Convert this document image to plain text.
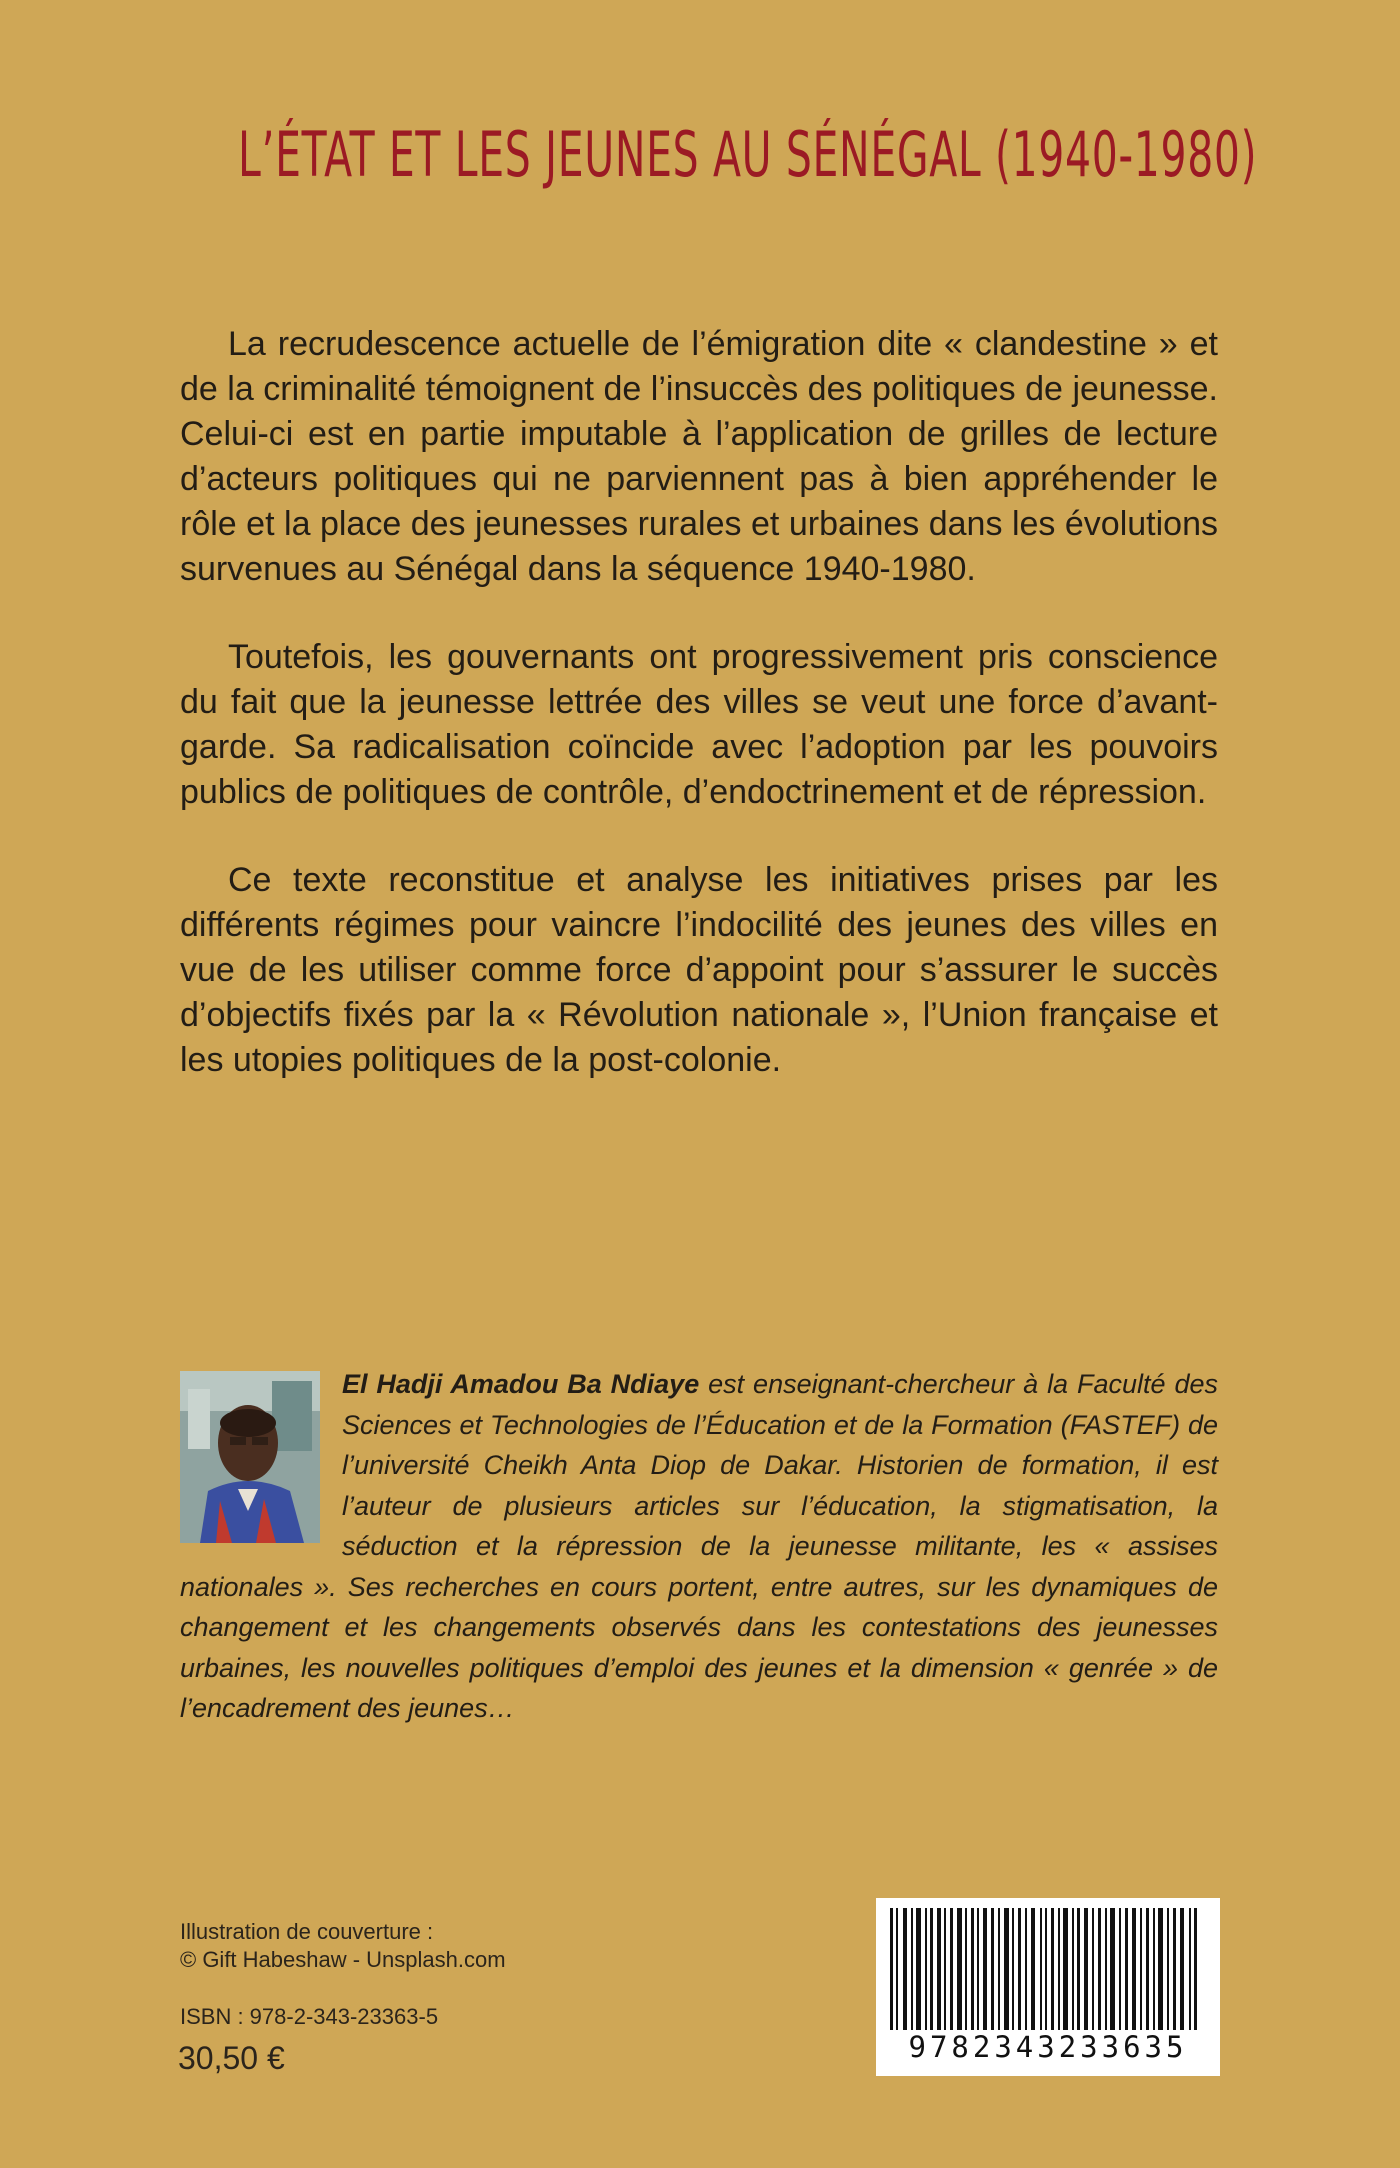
L’ÉTAT ET LES JEUNES AU SÉNÉGAL (1940-1980)

La recrudescence actuelle de l’émigration dite « clandestine » et de la criminalité témoignent de l’insuccès des politiques de jeunesse. Celui-ci est en partie imputable à l’application de grilles de lecture d’acteurs politiques qui ne parviennent pas à bien appréhender le rôle et la place des jeunesses rurales et urbaines dans les évolutions survenues au Sénégal dans la séquence 1940-1980.

Toutefois, les gouvernants ont progressivement pris conscience du fait que la jeunesse lettrée des villes se veut une force d’avant-garde. Sa radicalisation coïncide avec l’adoption par les pouvoirs publics de politiques de contrôle, d’endoctrinement et de répression.

Ce texte reconstitue et analyse les initiatives prises par les différents régimes pour vaincre l’indocilité des jeunes des villes en vue de les utiliser comme force d’appoint pour s’assurer le succès d’objectifs fixés par la « Révolution nationale », l’Union française et les utopies politiques de la post-colonie.

El Hadji Amadou Ba Ndiaye est enseignant-chercheur à la Faculté des Sciences et Technologies de l’Éducation et de la Formation (FASTEF) de l’université Cheikh Anta Diop de Dakar. Historien de formation, il est l’auteur de plusieurs articles sur l’éducation, la stigmatisation, la séduction et la répression de la jeunesse militante, les « assises nationales ». Ses recherches en cours portent, entre autres, sur les dynamiques de changement et les changements observés dans les contestations des jeunesses urbaines, les nouvelles politiques d’emploi des jeunes et la dimension « genrée » de l’encadrement des jeunes…
Illustration de couverture :
© Gift Habeshaw - Unsplash.com
ISBN : 978-2-343-23363-5
30,50 €	9782343233635
